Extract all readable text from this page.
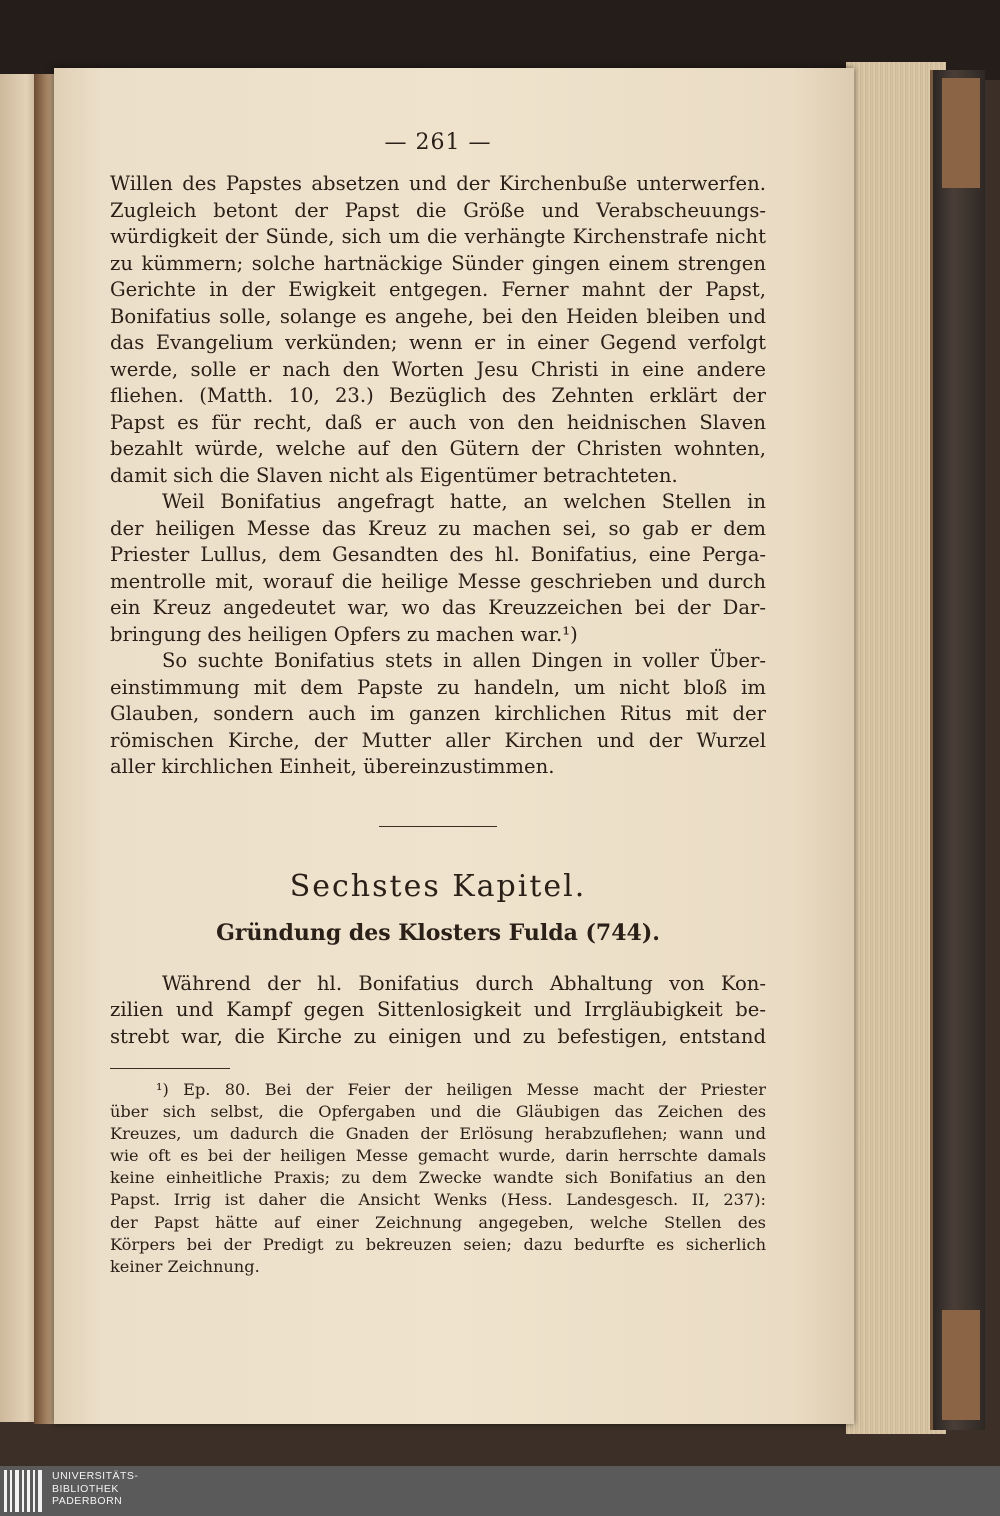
— 261 —
Willen des Papstes absetzen und der Kirchenbuße unterwerfen.
Zugleich betont der Papst die Größe und Verabscheuungs-
würdigkeit der Sünde, sich um die verhängte Kirchenstrafe nicht
zu kümmern; solche hartnäckige Sünder gingen einem strengen
Gerichte in der Ewigkeit entgegen. Ferner mahnt der Papst,
Bonifatius solle, solange es angehe, bei den Heiden bleiben und
das Evangelium verkünden; wenn er in einer Gegend verfolgt
werde, solle er nach den Worten Jesu Christi in eine andere
fliehen. (Matth. 10, 23.) Bezüglich des Zehnten erklärt der
Papst es für recht, daß er auch von den heidnischen Slaven
bezahlt würde, welche auf den Gütern der Christen wohnten,
damit sich die Slaven nicht als Eigentümer betrachteten.
Weil Bonifatius angefragt hatte, an welchen Stellen in
der heiligen Messe das Kreuz zu machen sei, so gab er dem
Priester Lullus, dem Gesandten des hl. Bonifatius, eine Perga-
mentrolle mit, worauf die heilige Messe geschrieben und durch
ein Kreuz angedeutet war, wo das Kreuzzeichen bei der Dar-
bringung des heiligen Opfers zu machen war.¹)
So suchte Bonifatius stets in allen Dingen in voller Über-
einstimmung mit dem Papste zu handeln, um nicht bloß im
Glauben, sondern auch im ganzen kirchlichen Ritus mit der
römischen Kirche, der Mutter aller Kirchen und der Wurzel
aller kirchlichen Einheit, übereinzustimmen.
Sechstes Kapitel.
Gründung des Klosters Fulda (744).
Während der hl. Bonifatius durch Abhaltung von Kon-
zilien und Kampf gegen Sittenlosigkeit und Irrgläubigkeit be-
strebt war, die Kirche zu einigen und zu befestigen, entstand
¹) Ep. 80. Bei der Feier der heiligen Messe macht der Priester
über sich selbst, die Opfergaben und die Gläubigen das Zeichen des
Kreuzes, um dadurch die Gnaden der Erlösung herabzuflehen; wann und
wie oft es bei der heiligen Messe gemacht wurde, darin herrschte damals
keine einheitliche Praxis; zu dem Zwecke wandte sich Bonifatius an den
Papst. Irrig ist daher die Ansicht Wenks (Hess. Landesgesch. II, 237):
der Papst hätte auf einer Zeichnung angegeben, welche Stellen des
Körpers bei der Predigt zu bekreuzen seien; dazu bedurfte es sicherlich
keiner Zeichnung.
UNIVERSITÄTS-
BIBLIOTHEK
PADERBORN
